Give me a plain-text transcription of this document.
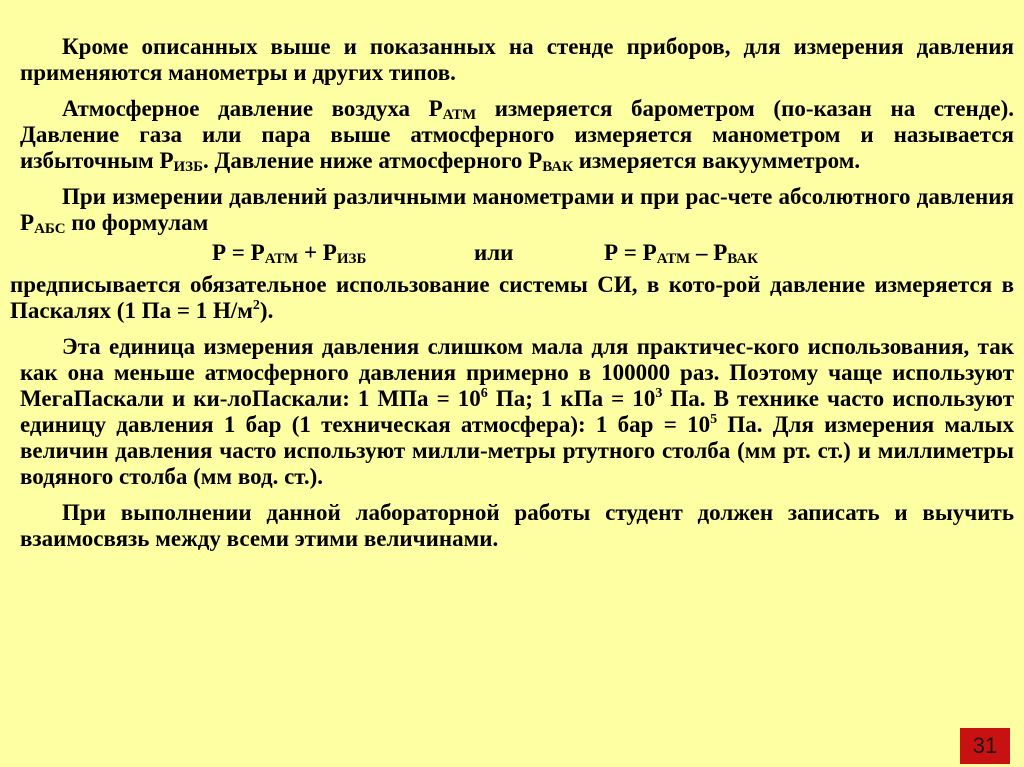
Кроме описанных выше и показанных на стенде приборов, для измерения давления применяются манометры и других типов.

Атмосферное давление воздуха $Р_{АТМ}$ измеряется барометром (по-казан на стенде). Давление газа или пара выше атмосферного измеряется манометром и называется избыточным $Р_{ИЗБ}$. Давление ниже атмосферного $Р_{ВАК}$ измеряется вакуумметром.

При измерении давлений различными манометрами и при рас-чете абсолютного давления $Р_{АБС}$ по формулам

$Р = Р_{АТМ} + Р_{ИЗБ}$	или	$Р = Р_{АТМ} - Р_{ВАК}$

предписывается обязательное использование системы СИ, в кото-рой давление измеряется в Паскалях (1 Па = 1 $Н/м^2$).

Эта единица измерения давления слишком мала для практичес-кого использования, так как она меньше атмосферного давления примерно в 100000 раз. Поэтому чаще используют МегаПаскали и ки-лоПаскали: 1 МПа = $10^6$ Па; 1 кПа = $10^3$ Па. В технике часто используют единицу давления 1 бар (1 техническая атмосфера): 1 бар = $10^5$ Па. Для измерения малых величин давления часто используют милли-метры ртутного столба (мм рт. ст.) и миллиметры водяного столба (мм вод. ст.).

При выполнении данной лабораторной работы студент должен записать и выучить взаимосвязь между всеми этими величинами.

31
